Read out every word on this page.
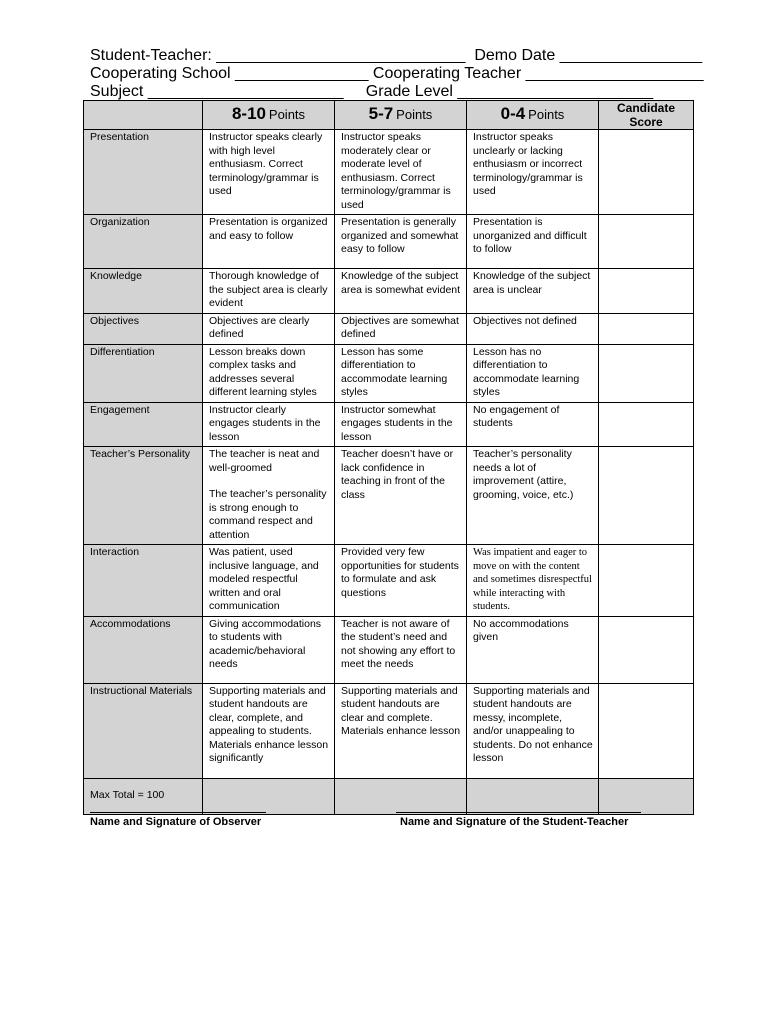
Student-Teacher: ____________________________  Demo Date ________________
Cooperating School _______________ Cooperating Teacher ____________________
Subject ______________________     Grade Level ______________________
	8-10 Points	5-7 Points	0-4 Points	Candidate Score
Presentation	Instructor speaks clearly with high level enthusiasm. Correct terminology/grammar is used	Instructor speaks moderately clear or moderate level of enthusiasm. Correct terminology/grammar is used	Instructor speaks unclearly or lacking enthusiasm or incorrect terminology/grammar is used	
Organization	Presentation is organized and easy to follow	Presentation is generally organized and somewhat easy to follow	Presentation is unorganized and difficult to follow	
Knowledge	Thorough knowledge of the subject area is clearly evident	Knowledge of the subject area is somewhat evident	Knowledge of the subject area is unclear	
Objectives	Objectives are clearly defined	Objectives are somewhat defined	Objectives not defined	
Differentiation	Lesson breaks down complex tasks and addresses several different learning styles	Lesson has some differentiation to accommodate learning styles	Lesson has no differentiation to accommodate learning styles	
Engagement	Instructor clearly engages students in the lesson	Instructor somewhat engages students in the lesson	No engagement of students	
Teacher’s Personality	The teacher is neat and well-groomed
The teacher’s personality is strong enough to command respect and attention	Teacher doesn’t have or lack confidence in teaching in front of the class	Teacher’s personality needs a lot of improvement (attire, grooming, voice, etc.)	
Interaction	Was patient, used inclusive language, and modeled respectful written and oral communication	Provided very few opportunities for students to formulate and ask questions	Was impatient and eager to move on with the content and sometimes disrespectful while interacting with students.	
Accommodations	Giving accommodations to students with academic/behavioral needs	Teacher is not aware of the student’s need and not showing any effort to meet the needs	No accommodations given	
Instructional Materials	Supporting materials and student handouts are clear, complete, and appealing to students. Materials enhance lesson significantly	Supporting materials and student handouts are clear and complete. Materials enhance lesson	Supporting materials and student handouts are messy, incomplete, and/or unappealing to students. Do not enhance lesson	
Max Total = 100				
Name and Signature of Observer	Name and Signature of the Student-Teacher
